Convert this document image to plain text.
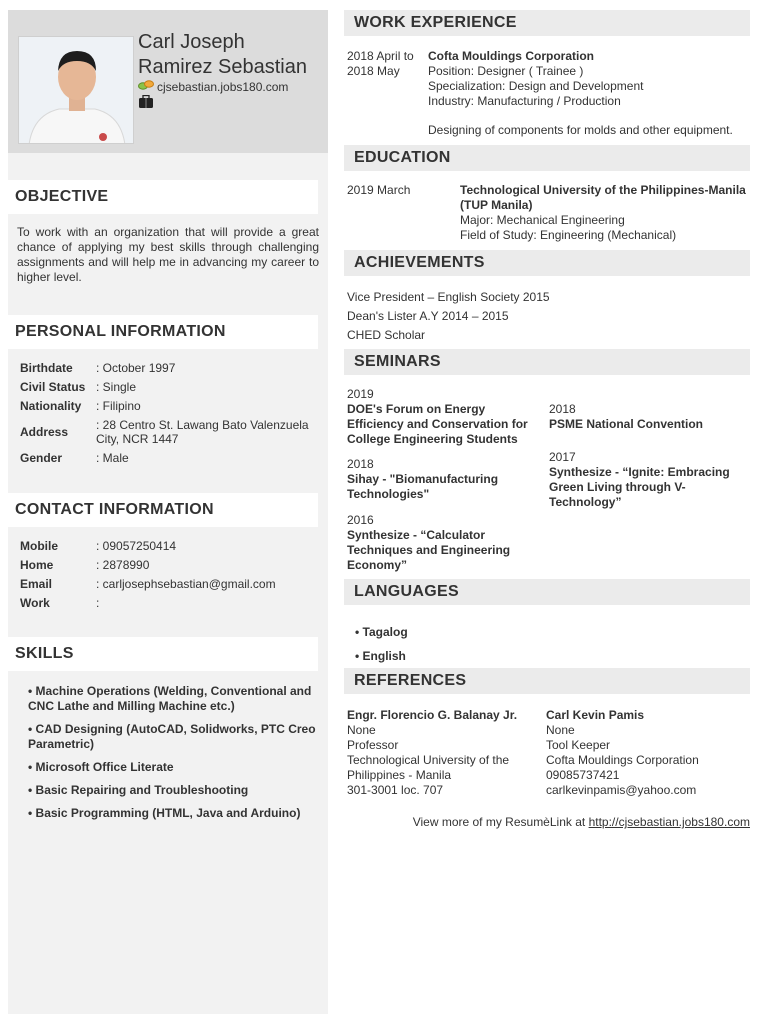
Carl Joseph
Ramirez Sebastian
cjsebastian.jobs180.com
OBJECTIVE
To work with an organization that will provide a great chance of applying my best skills through challenging assignments and will help me in advancing my career to higher level.
PERSONAL INFORMATION
Birthdate	: October 1997
Civil Status : Single
Nationality	: Filipino
Address	: 28 Centro St. Lawang Bato Valenzuela City, NCR 1447
Gender	: Male
CONTACT INFORMATION
Mobile	: 09057250414
Home	: 2878990
Email	: carljosephsebastian@gmail.com
Work	:
SKILLS
• Machine Operations (Welding, Conventional and CNC Lathe and Milling Machine etc.)
• CAD Designing (AutoCAD, Solidworks, PTC Creo Parametric)
• Microsoft Office Literate
• Basic Repairing and Troubleshooting
• Basic Programming (HTML, Java and Arduino)
WORK EXPERIENCE
2018 April to
2018 May
Cofta Mouldings Corporation
Position: Designer ( Trainee )
Specialization: Design and Development
Industry: Manufacturing / Production
Designing of components for molds and other equipment.
EDUCATION
2019 March	Technological University of the Philippines-Manila (TUP Manila)
Major: Mechanical Engineering
Field of Study: Engineering (Mechanical)
ACHIEVEMENTS
Vice President – English Society 2015
Dean's Lister A.Y 2014 – 2015
CHED Scholar
SEMINARS
2019
DOE's Forum on Energy Efficiency and Conservation for College Engineering Students
2018
Sihay - "Biomanufacturing Technologies"
2016
Synthesize - “Calculator Techniques and Engineering Economy”
2018
PSME National Convention
2017
Synthesize - “Ignite: Embracing Green Living through V-Technology”
LANGUAGES
• Tagalog
• English
REFERENCES
Engr. Florencio G. Balanay Jr.
None
Professor
Technological University of the Philippines - Manila
301-3001 loc. 707
Carl Kevin Pamis
None
Tool Keeper
Cofta Mouldings Corporation
09085737421
carlkevinpamis@yahoo.com
View more of my ResumèLink at http://cjsebastian.jobs180.com
